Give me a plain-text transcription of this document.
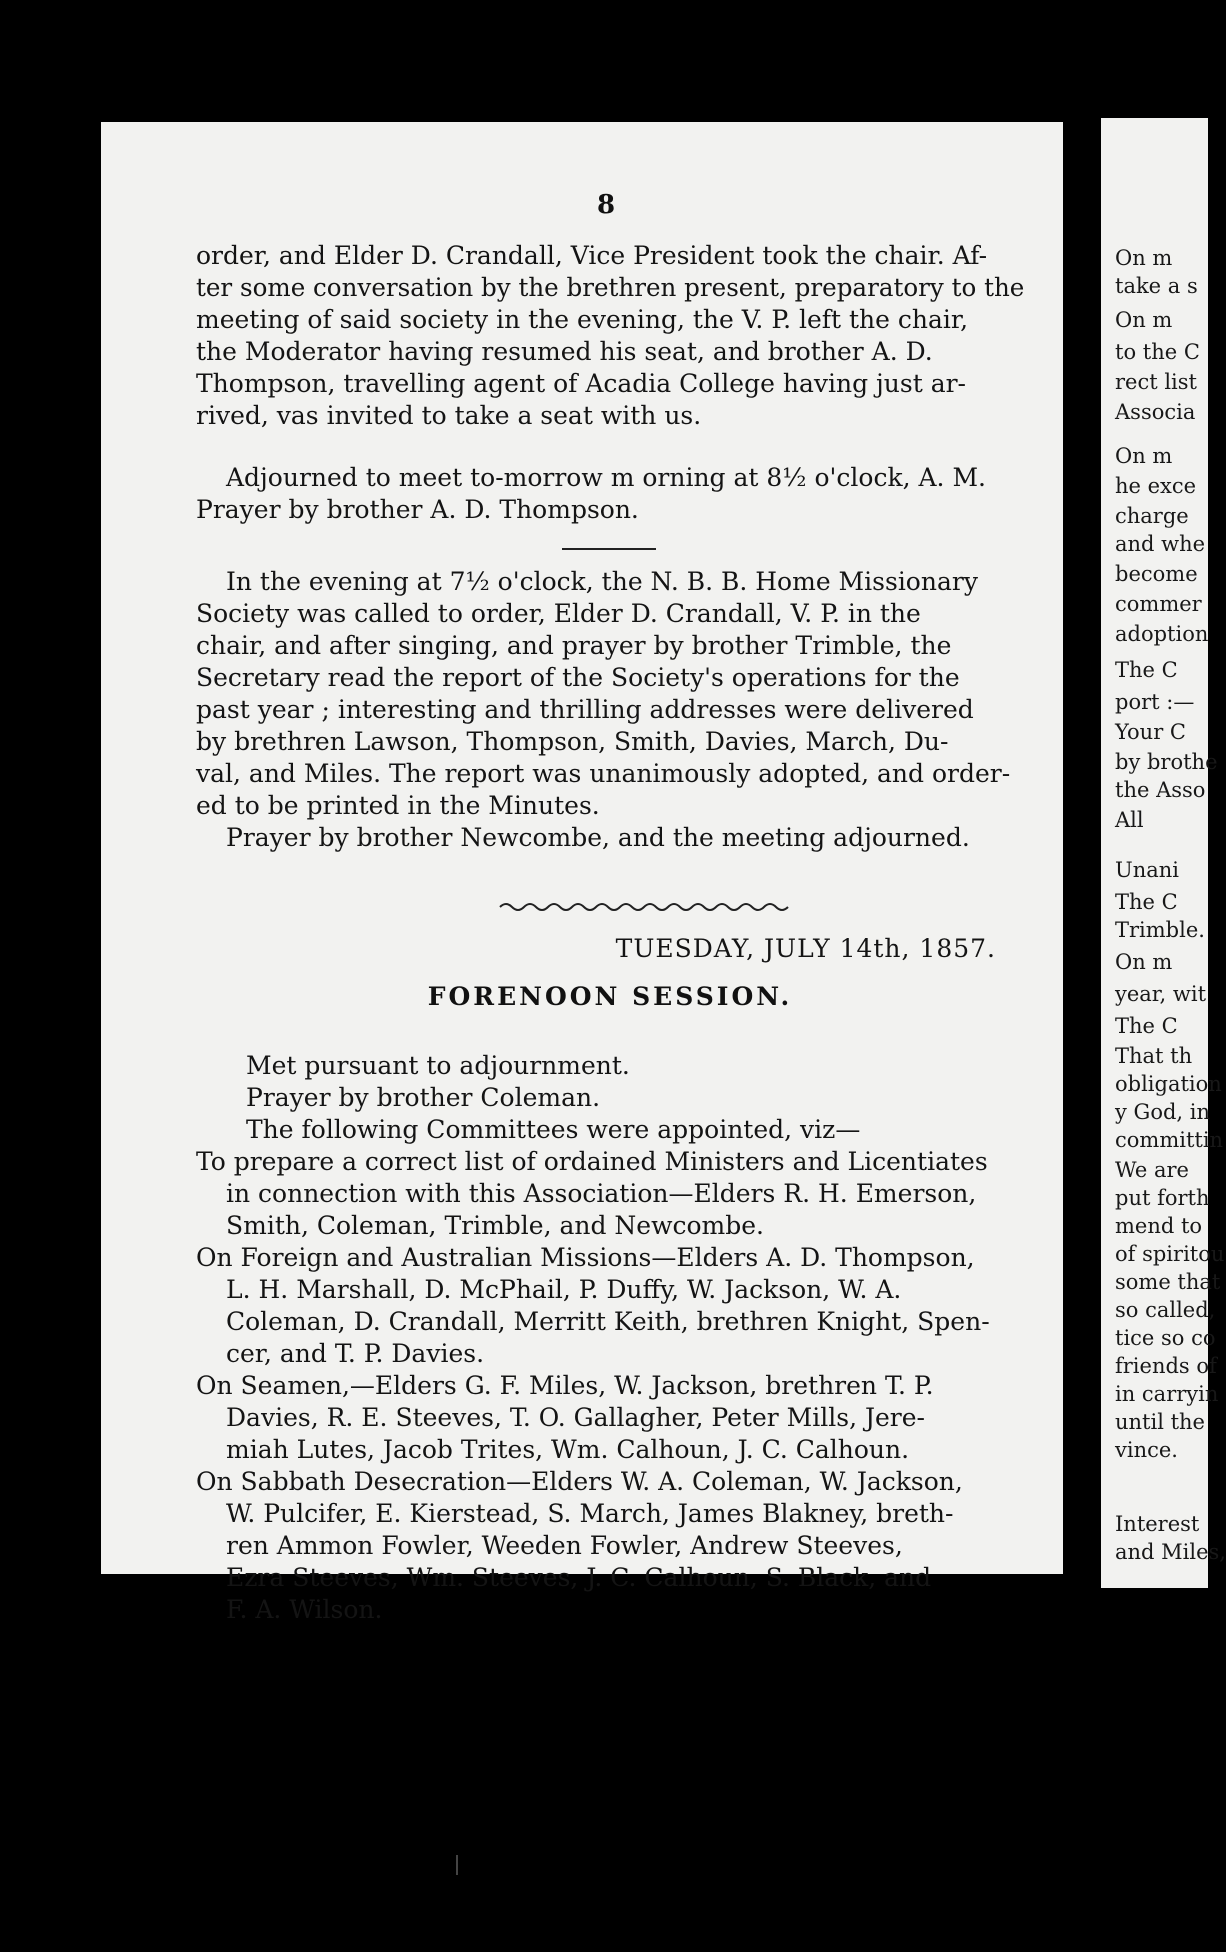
8

order, and Elder D. Crandall, Vice President took the chair. Af-
ter some conversation by the brethren present, preparatory to the
meeting of said society in the evening, the V. P. left the chair,
the Moderator having resumed his seat, and brother A. D.
Thompson, travelling agent of Acadia College having just ar-
rived, vas invited to take a seat with us.

Adjourned to meet to-morrow m orning at 8½ o'clock, A. M.
Prayer by brother A. D. Thompson.

In the evening at 7½ o'clock, the N. B. B. Home Missionary
Society was called to order, Elder D. Crandall, V. P. in the
chair, and after singing, and prayer by brother Trimble, the
Secretary read the report of the Society's operations for the
past year ; interesting and thrilling addresses were delivered
by brethren Lawson, Thompson, Smith, Davies, March, Du-
val, and Miles. The report was unanimously adopted, and order-
ed to be printed in the Minutes.
Prayer by brother Newcombe, and the meeting adjourned.

TUESDAY, JULY 14th, 1857.
FORENOON SESSION.
Met pursuant to adjournment.
Prayer by brother Coleman.
The following Committees were appointed, viz—

To prepare a correct list of ordained Ministers and Licentiates
in connection with this Association—Elders R. H. Emerson,
Smith, Coleman, Trimble, and Newcombe.

On Foreign and Australian Missions—Elders A. D. Thompson,
L. H. Marshall, D. McPhail, P. Duffy, W. Jackson, W. A.
Coleman, D. Crandall, Merritt Keith, brethren Knight, Spen-
cer, and T. P. Davies.

On Seamen,—Elders G. F. Miles, W. Jackson, brethren T. P.
Davies, R. E. Steeves, T. O. Gallagher, Peter Mills, Jere-
miah Lutes, Jacob Trites, Wm. Calhoun, J. C. Calhoun.

On Sabbath Desecration—Elders W. A. Coleman, W. Jackson,
W. Pulcifer, E. Kierstead, S. March, James Blakney, breth-
ren Ammon Fowler, Weeden Fowler, Andrew Steeves,
Ezra Steeves, Wm. Steeves, J. C. Calhoun, S. Black, and
F. A. Wilson.

On m
take a s
On m
to the C
rect list
Associa
On m
he exce
charge
and whe
become
commer
adoption
The C
port :—
Your C
by brothe
the Asso
All
Unani
The C
Trimble.
On m
year, wit
The C
That th
obligation
y God, in
committin
We are
put forth
mend to
of spiritou
some that
so called,
tice so co
friends of
in carryin
until the
vince.
Interest
and Miles,
